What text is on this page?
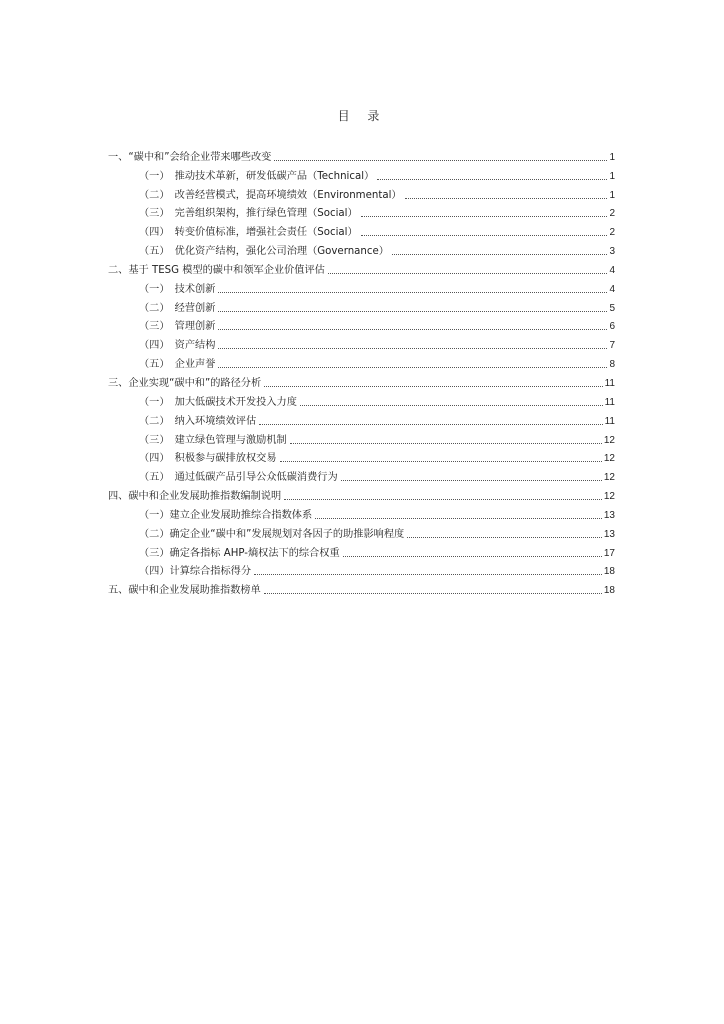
目 录
一、“碳中和”会给企业带来哪些改变	1
（一）　推动技术革新，研发低碳产品（Technical）	1
（二）　改善经营模式，提高环境绩效（Environmental）	1
（三）　完善组织架构，推行绿色管理（Social）	2
（四）　转变价值标准，增强社会责任（Social）	2
（五）　优化资产结构，强化公司治理（Governance）	3
二、基于 TESG 模型的碳中和领军企业价值评估	4
（一）　技术创新	4
（二）　经营创新	5
（三）　管理创新	6
（四）　资产结构	7
（五）　企业声誉	8
三、企业实现“碳中和”的路径分析	11
（一）　加大低碳技术开发投入力度	11
（二）　纳入环境绩效评估	11
（三）　建立绿色管理与激励机制	12
（四）　积极参与碳排放权交易	12
（五）　通过低碳产品引导公众低碳消费行为	12
四、碳中和企业发展助推指数编制说明	12
（一）建立企业发展助推综合指数体系	13
（二）确定企业“碳中和”发展规划对各因子的助推影响程度	13
（三）确定各指标 AHP-熵权法下的综合权重	17
（四）计算综合指标得分	18
五、碳中和企业发展助推指数榜单	18
